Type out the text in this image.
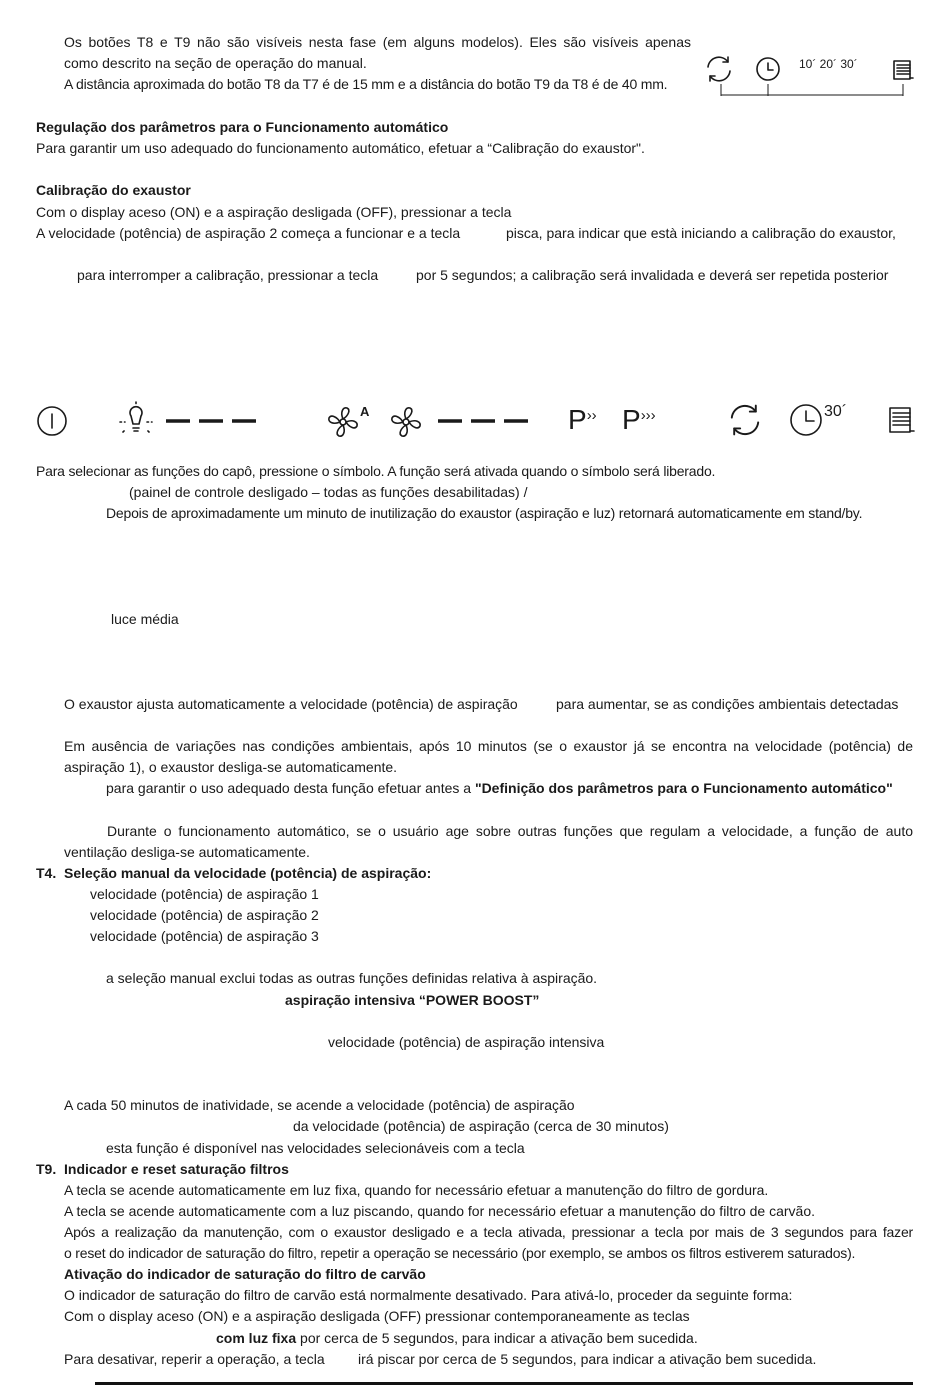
Os botões T8 e T9 não são visíveis nesta fase (em alguns modelos). Eles são visíveis apenas
como descrito na seção de operação do manual.
A distância aproximada do botão T8 da T7 é de 15 mm e a distância do botão T9 da T8 é de 40 mm.
10´ 20´ 30´
Regulação dos parâmetros para o Funcionamento automático
Para garantir um uso adequado do funcionamento automático, efetuar a “Calibração do exaustor".
Calibração do exaustor
Com o display aceso (ON) e a aspiração desligada (OFF), pressionar a tecla
A velocidade (potência) de aspiração 2 começa a funcionar e a tecla	pisca, para indicar que està iniciando a calibração do exaustor,
para interromper a calibração, pressionar a tecla	por 5 segundos; a calibração será invalidada e deverá ser repetida posterior
A	P›› P›››	30´
Para selecionar as funções do capô, pressione o símbolo. A função será ativada quando o símbolo será liberado.
(painel de controle desligado – todas as funções desabilitadas) /
Depois de aproximadamente um minuto de inutilização do exaustor (aspiração e luz) retornará automaticamente em stand/by.
luce média
O exaustor ajusta automaticamente a velocidade (potência) de aspiração	para aumentar, se as condições ambientais detectadas
Em ausência de variações nas condições ambientais, após 10 minutos (se o exaustor já se encontra na velocidade (potência) de
aspiração 1), o exaustor desliga-se automaticamente.
para garantir o uso adequado desta função efetuar antes a "Definição dos parâmetros para o Funcionamento automático"
Durante o funcionamento automático, se o usuário age sobre outras funções que regulam a velocidade, a função de auto
ventilação desliga-se automaticamente.
T4. Seleção manual da velocidade (potência) de aspiração:
velocidade (potência) de aspiração 1
velocidade (potência) de aspiração 2
velocidade (potência) de aspiração 3
a seleção manual exclui todas as outras funções definidas relativa à aspiração.
aspiração intensiva “POWER BOOST”
velocidade (potência) de aspiração intensiva
A cada 50 minutos de inatividade, se acende a velocidade (potência) de aspiração
da velocidade (potência) de aspiração (cerca de 30 minutos)
esta função é disponível nas velocidades selecionáveis com a tecla
T9. Indicador e reset saturação filtros
A tecla se acende automaticamente em luz fixa, quando for necessário efetuar a manutenção do filtro de gordura.
A tecla se acende automaticamente com a luz piscando, quando for necessário efetuar a manutenção do filtro de carvão.
Após a realização da manutenção, com o exaustor desligado e a tecla ativada, pressionar a tecla por mais de 3 segundos para fazer
o reset do indicador de saturação do filtro, repetir a operação se necessário (por exemplo, se ambos os filtros estiverem saturados).
Ativação do indicador de saturação do filtro de carvão
O indicador de saturação do filtro de carvão está normalmente desativado. Para ativá-lo, proceder da seguinte forma:
Com o display aceso (ON) e a aspiração desligada (OFF) pressionar contemporaneamente as teclas
com luz fixa por cerca de 5 segundos, para indicar a ativação bem sucedida.
Para desativar, reperir a operação, a tecla irá piscar por cerca de 5 segundos, para indicar a ativação bem sucedida.
